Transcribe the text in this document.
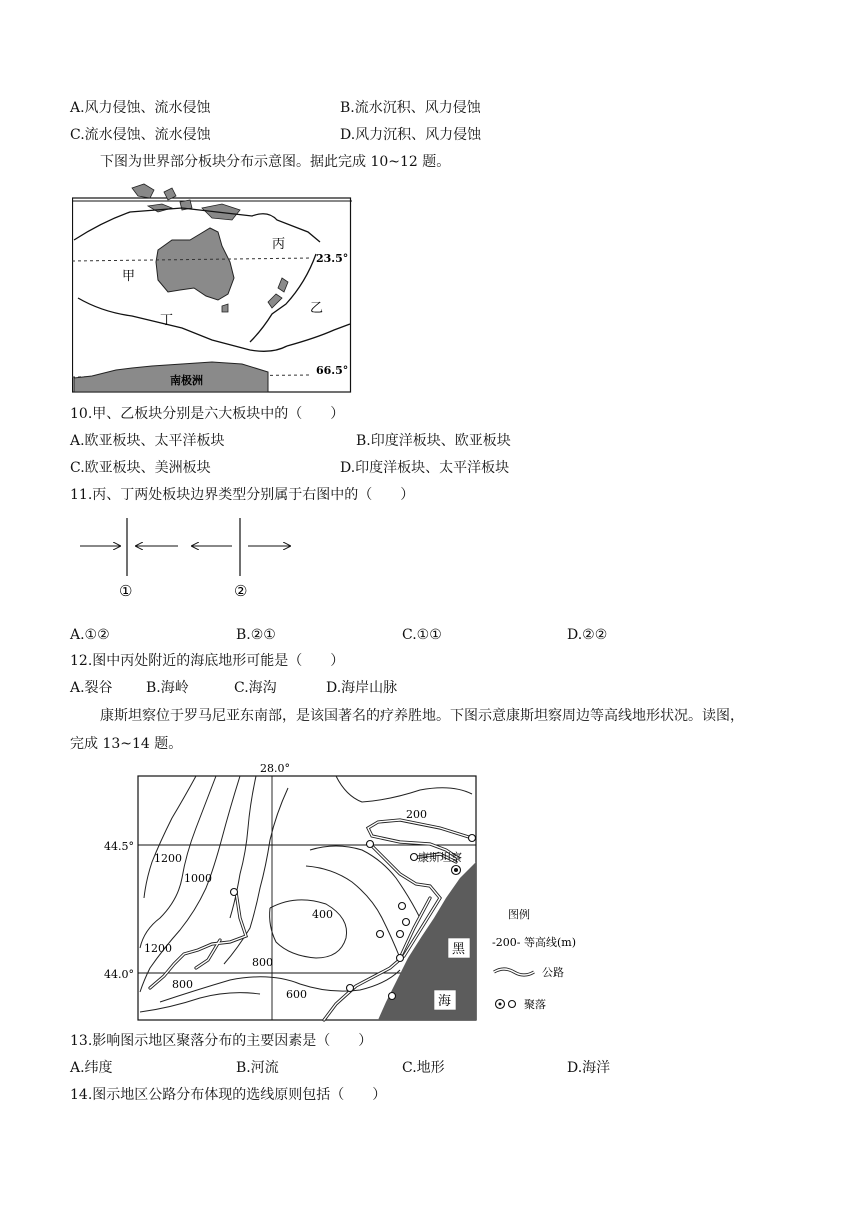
A.风力侵蚀、流水侵蚀	B.流水沉积、风力侵蚀
C.流水侵蚀、流水侵蚀	D.风力沉积、风力侵蚀
下图为世界部分板块分布示意图。据此完成 10~12 题。
丙
甲
乙
丁
23.5°
66.5°
南极洲
10.甲、乙板块分别是六大板块中的（　　）
A.欧亚板块、太平洋板块	B.印度洋板块、欧亚板块
C.欧亚板块、美洲板块	D.印度洋板块、太平洋板块
11.丙、丁两处板块边界类型分别属于右图中的（　　）
①	②
A.①②	B.②①	C.①①	D.②②
12.图中丙处附近的海底地形可能是（　　）
A.裂谷 B.海岭	C.海沟	D.海岸山脉
康斯坦察位于罗马尼亚东南部，是该国著名的疗养胜地。下图示意康斯坦察周边等高线地形状况。读图，
完成 13~14 题。
28.0°
44.5°
44.0°
200
1200
1000
400
1200
800
800
600
康斯坦察
黑
海
图例
-200- 等高线(m)
公路
聚落
13.影响图示地区聚落分布的主要因素是（　　）
A.纬度	B.河流	C.地形	D.海洋
14.图示地区公路分布体现的选线原则包括（　　）
